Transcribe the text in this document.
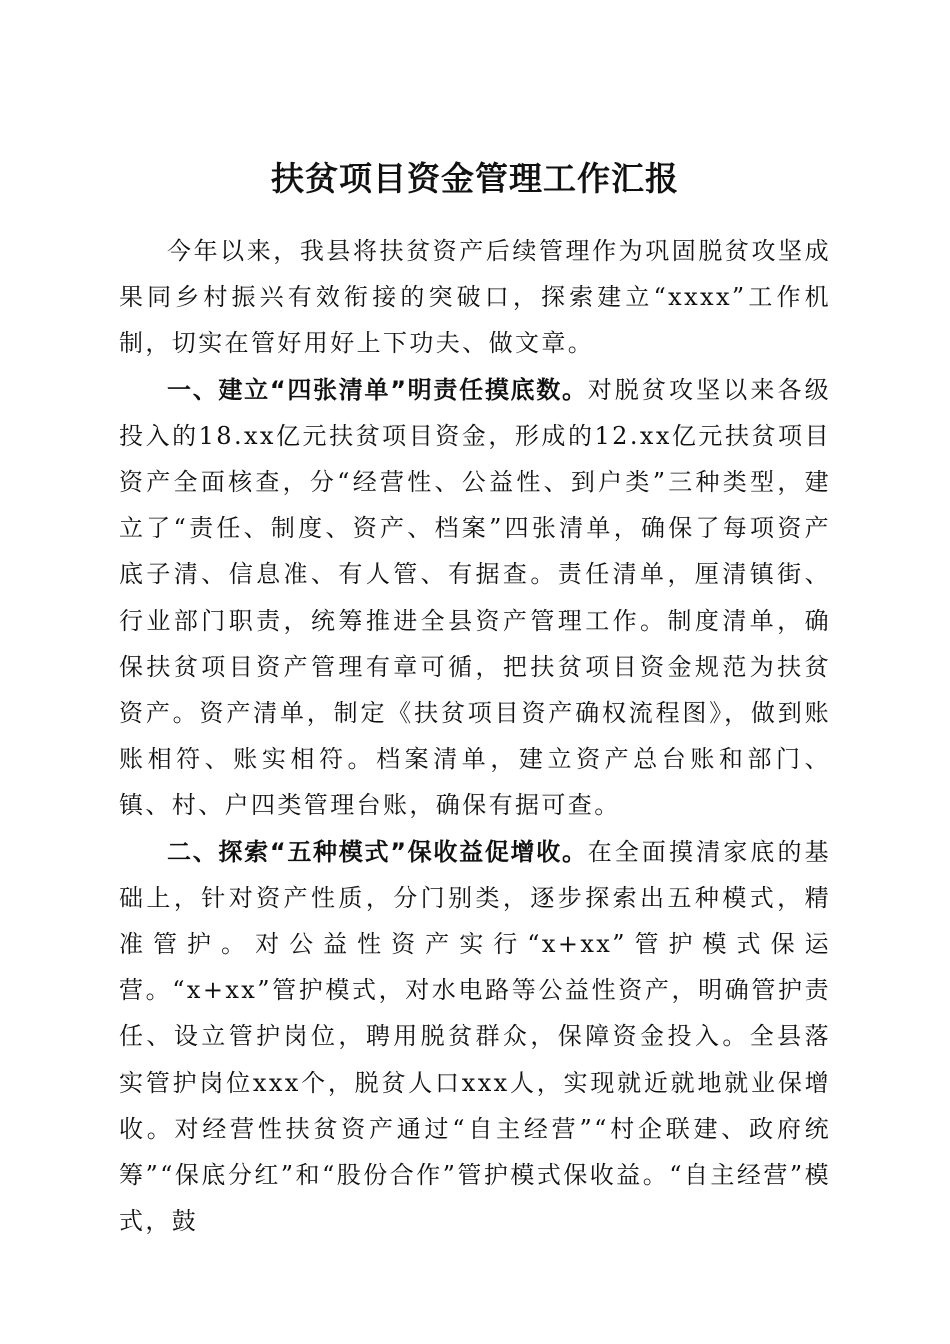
扶贫项目资金管理工作汇报

今年以来，我县将扶贫资产后续管理作为巩固脱贫攻坚成果同乡村振兴有效衔接的突破口，探索建立“xxxx”工作机制，切实在管好用好上下功夫、做文章。

一、建立“四张清单”明责任摸底数。对脱贫攻坚以来各级投入的18.xx亿元扶贫项目资金，形成的12.xx亿元扶贫项目资产全面核查，分“经营性、公益性、到户类”三种类型，建立了“责任、制度、资产、档案”四张清单，确保了每项资产底子清、信息准、有人管、有据查。责任清单，厘清镇街、行业部门职责，统筹推进全县资产管理工作。制度清单，确保扶贫项目资产管理有章可循，把扶贫项目资金规范为扶贫资产。资产清单，制定《扶贫项目资产确权流程图》，做到账账相符、账实相符。档案清单，建立资产总台账和部门、镇、村、户四类管理台账，确保有据可查。

二、探索“五种模式”保收益促增收。在全面摸清家底的基础上，针对资产性质，分门别类，逐步探索出五种模式，精准管护。对公益性资产实行“x+xx”管护模式保运营。“x+xx”管护模式，对水电路等公益性资产，明确管护责任、设立管护岗位，聘用脱贫群众，保障资金投入。全县落实管护岗位xxx个，脱贫人口xxx人，实现就近就地就业保增收。对经营性扶贫资产通过“自主经营”“村企联建、政府统筹”“保底分红”和“股份合作”管护模式保收益。“自主经营”模式，鼓
